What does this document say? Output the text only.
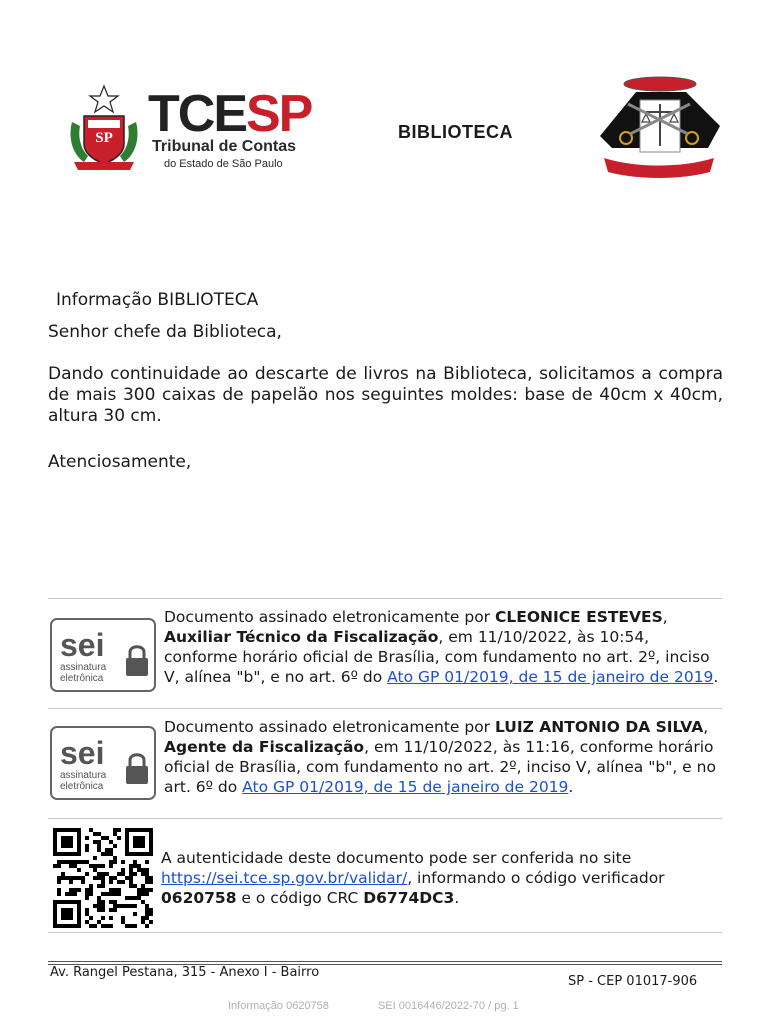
SP TCESP
Tribunal de Contas
do Estado de São Paulo
BIBLIOTECA
Informação BIBLIOTECA
Senhor chefe da Biblioteca,
Dando continuidade ao descarte de livros na Biblioteca, solicitamos a compra de mais 300 caixas de papelão nos seguintes moldes: base de 40cm x 40cm, altura 30 cm.
Atenciosamente,
sei
assinatura
eletrônica
Documento assinado eletronicamente por CLEONICE ESTEVES, Auxiliar Técnico da Fiscalização, em 11/10/2022, às 10:54, conforme horário oficial de Brasília, com fundamento no art. 2º, inciso V, alínea "b", e no art. 6º do Ato GP 01/2019, de 15 de janeiro de 2019.
sei
assinatura
eletrônica
Documento assinado eletronicamente por LUIZ ANTONIO DA SILVA, Agente da Fiscalização, em 11/10/2022, às 11:16, conforme horário oficial de Brasília, com fundamento no art. 2º, inciso V, alínea "b", e no art. 6º do Ato GP 01/2019, de 15 de janeiro de 2019.
A autenticidade deste documento pode ser conferida no site https://sei.tce.sp.gov.br/validar/, informando o código verificador 0620758 e o código CRC D6774DC3.
Av. Rangel Pestana, 315 - Anexo I - Bairro
SP - CEP 01017-906
Informação 0620758	SEI 0016446/2022-70 / pg. 1
